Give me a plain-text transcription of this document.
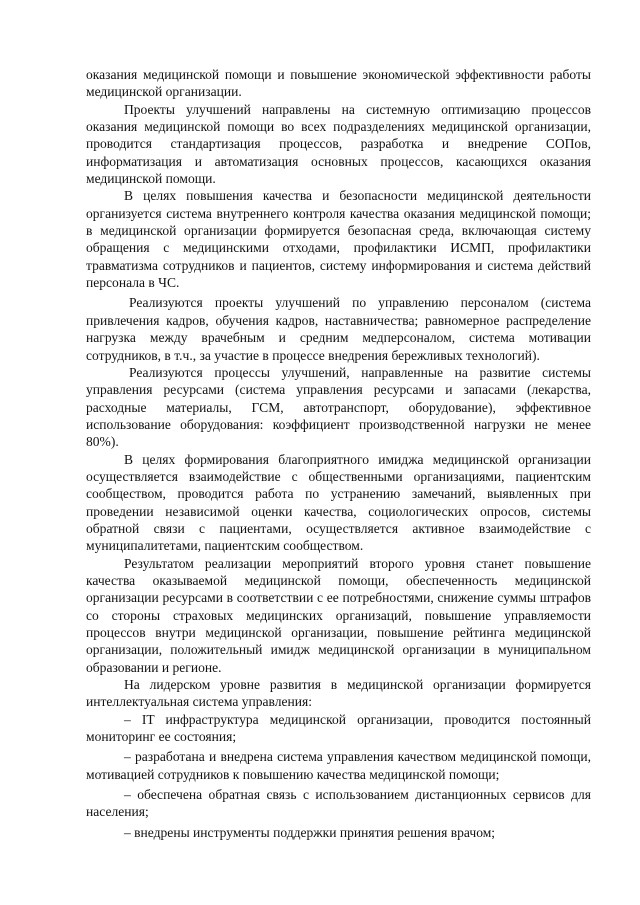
оказания медицинской помощи и повышение экономической эффективности работы медицинской организации.

Проекты улучшений направлены на системную оптимизацию процессов оказания медицинской помощи во всех подразделениях медицинской организации, проводится стандартизация процессов, разработка и внедрение СОПов, информатизация и автоматизация основных процессов, касающихся оказания медицинской помощи.

В целях повышения качества и безопасности медицинской деятельности организуется система внутреннего контроля качества оказания медицинской помощи; в медицинской организации формируется безопасная среда, включающая систему обращения с медицинскими отходами, профилактики ИСМП, профилактики травматизма сотрудников и пациентов, систему информирования и система действий персонала в ЧС.

Реализуются проекты улучшений по управлению персоналом (система привлечения кадров, обучения кадров, наставничества; равномерное распределение нагрузка между врачебным и средним медперсоналом, система мотивации сотрудников, в т.ч., за участие в процессе внедрения бережливых технологий).

Реализуются процессы улучшений, направленные на развитие системы управления ресурсами (система управления ресурсами и запасами (лекарства, расходные материалы, ГСМ, автотранспорт, оборудование), эффективное использование оборудования: коэффициент производственной нагрузки не менее 80%).

В целях формирования благоприятного имиджа медицинской организации осуществляется взаимодействие с общественными организациями, пациентским сообществом, проводится работа по устранению замечаний, выявленных при проведении независимой оценки качества, социологических опросов, системы обратной связи с пациентами, осуществляется активное взаимодействие с муниципалитетами, пациентским сообществом.

Результатом реализации мероприятий второго уровня станет повышение качества оказываемой медицинской помощи, обеспеченность медицинской организации ресурсами в соответствии с ее потребностями, снижение суммы штрафов со стороны страховых медицинских организаций, повышение управляемости процессов внутри медицинской организации, повышение рейтинга медицинской организации, положительный имидж медицинской организации в муниципальном образовании и регионе.

На лидерском уровне развития в медицинской организации формируется интеллектуальная система управления:

– IT инфраструктура медицинской организации, проводится постоянный мониторинг ее состояния;

– разработана и внедрена система управления качеством медицинской помощи, мотивацией сотрудников к повышению качества медицинской помощи;

– обеспечена обратная связь с использованием дистанционных сервисов для населения;

– внедрены инструменты поддержки принятия решения врачом;
